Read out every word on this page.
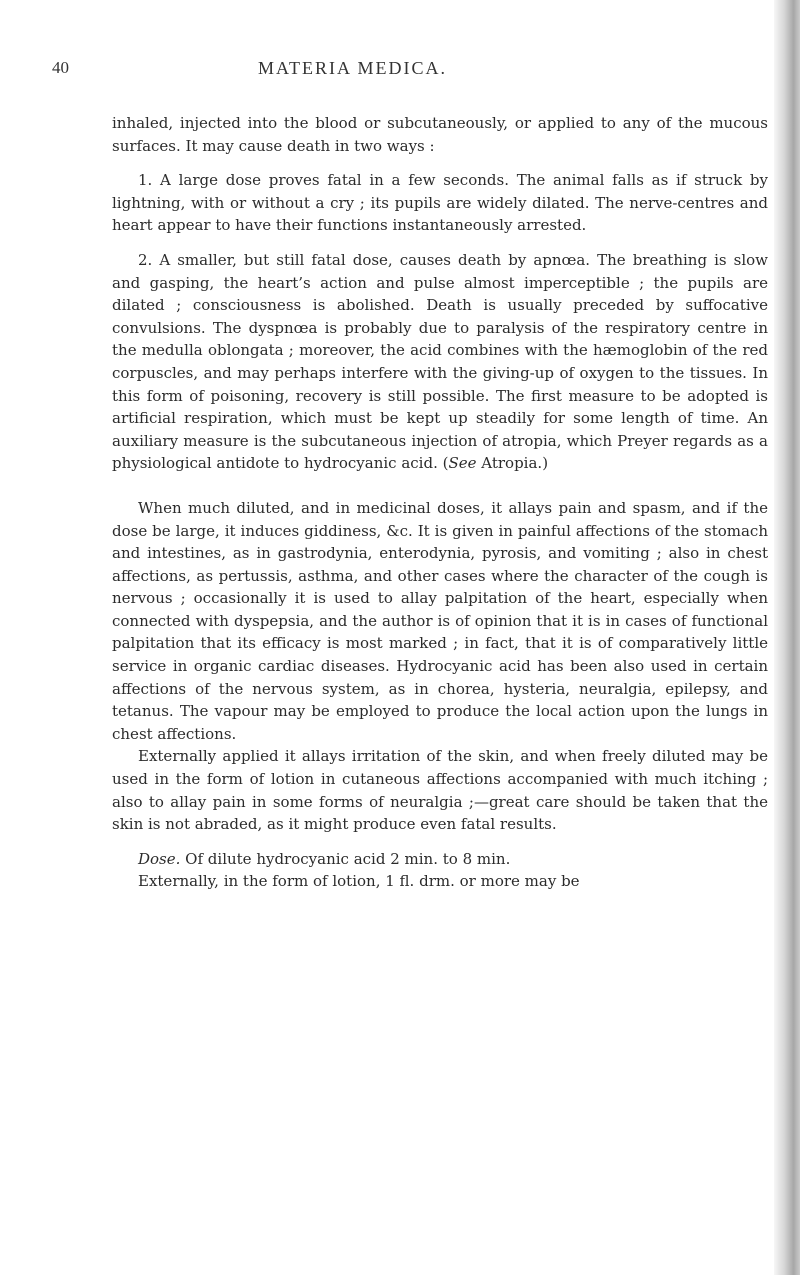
40	MATERIA MEDICA.

inhaled, injected into the blood or subcutaneously, or applied to any of the mucous surfaces. It may cause death in two ways :

1. A large dose proves fatal in a few seconds. The animal falls as if struck by lightning, with or without a cry ; its pupils are widely dilated. The nerve-centres and heart appear to have their functions instantaneously arrested.

2. A smaller, but still fatal dose, causes death by apnœa. The breathing is slow and gasping, the heart’s action and pulse almost imperceptible ; the pupils are dilated ; consciousness is abolished. Death is usually preceded by suffocative convulsions. The dyspnœa is probably due to paralysis of the respiratory centre in the medulla oblongata ; moreover, the acid combines with the hæmoglobin of the red corpuscles, and may perhaps interfere with the giving-up of oxygen to the tissues. In this form of poisoning, recovery is still possible. The first measure to be adopted is artificial respiration, which must be kept up steadily for some length of time. An auxiliary measure is the subcutaneous injection of atropia, which Preyer regards as a physiological antidote to hydrocyanic acid. (See Atropia.)

When much diluted, and in medicinal doses, it allays pain and spasm, and if the dose be large, it induces giddiness, &c. It is given in painful affections of the stomach and intestines, as in gastrodynia, enterodynia, pyrosis, and vomiting ; also in chest affections, as pertussis, asthma, and other cases where the character of the cough is nervous ; occasionally it is used to allay palpitation of the heart, especially when connected with dyspepsia, and the author is of opinion that it is in cases of functional palpitation that its efficacy is most marked ; in fact, that it is of comparatively little service in organic cardiac diseases. Hydrocyanic acid has been also used in certain affections of the nervous system, as in chorea, hysteria, neuralgia, epilepsy, and tetanus. The vapour may be employed to produce the local action upon the lungs in chest affections.

Externally applied it allays irritation of the skin, and when freely diluted may be used in the form of lotion in cutaneous affections accompanied with much itching ; also to allay pain in some forms of neuralgia ;—great care should be taken that the skin is not abraded, as it might produce even fatal results.

Dose. Of dilute hydrocyanic acid 2 min. to 8 min.

Externally, in the form of lotion, 1 fl. drm. or more may be
